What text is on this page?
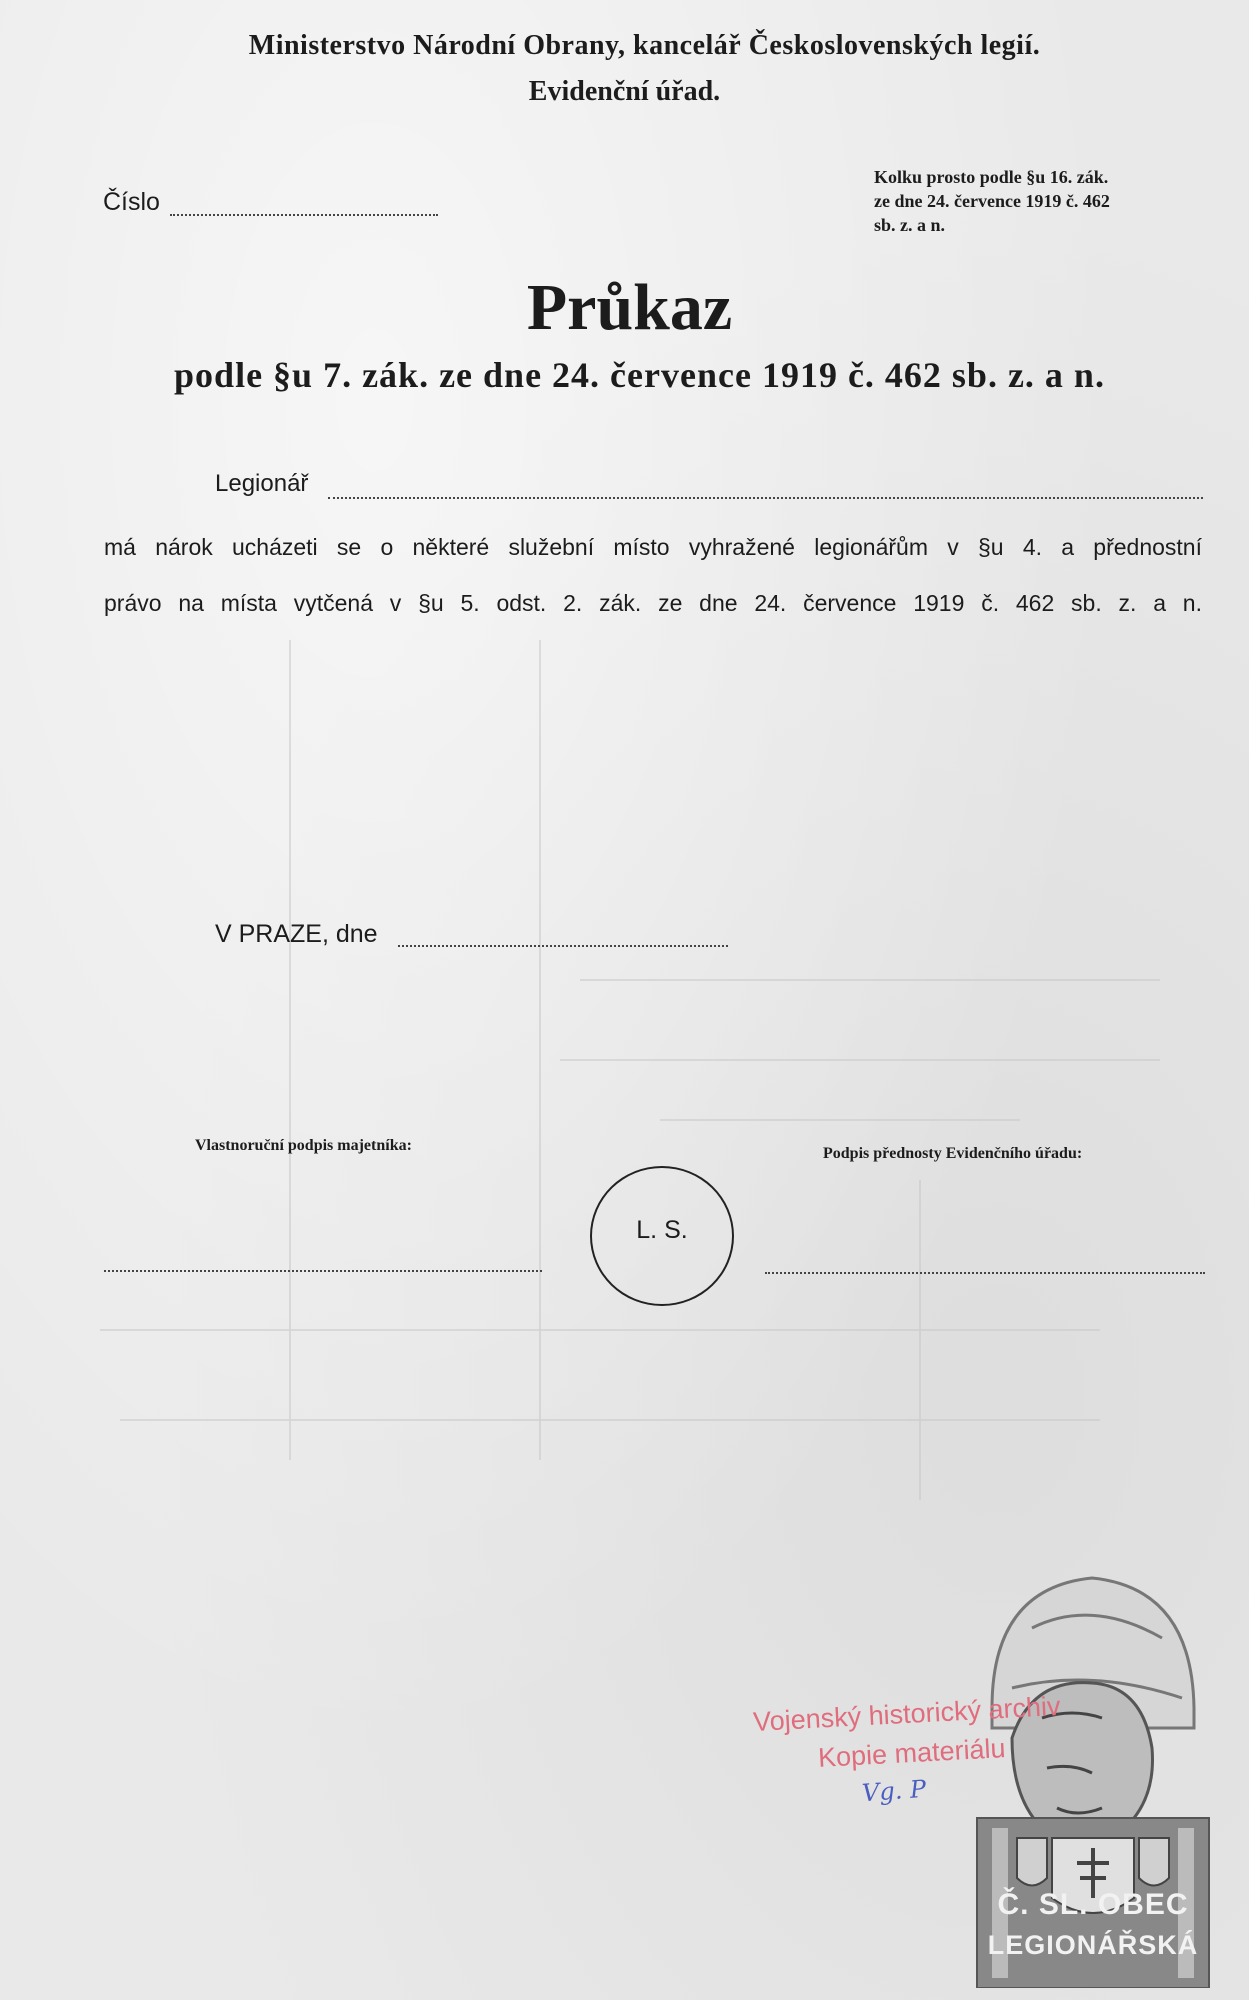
Ministerstvo Národní Obrany, kancelář Československých legií.
Evidenční úřad.
Číslo
Kolku prosto podle §u 16. zák.
ze dne 24. července 1919 č. 462
sb. z. a n.
Průkaz
podle §u 7. zák. ze dne 24. července 1919 č. 462 sb. z. a n.
Legionář
má nárok ucházeti se o některé služební místo vyhražené legionářům v §u 4. a přednostní
právo na místa vytčená v §u 5. odst. 2. zák. ze dne 24. července 1919 č. 462 sb. z. a n.
V PRAZE, dne
Vlastnoruční podpis majetníka:	Podpis přednosty Evidenčního úřadu:
L. S.
Č. SL. OBEC
LEGIONÁŘSKÁ
Vojenský historický archiv
Kopie materiálu
Vg. P
